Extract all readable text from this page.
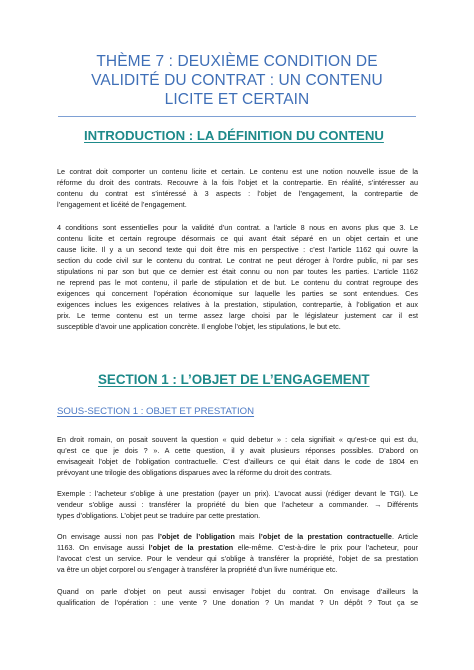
THÈME 7 : DEUXIÈME CONDITION DE
VALIDITÉ DU CONTRAT : UN CONTENU
LICITE ET CERTAIN
INTRODUCTION : LA DÉFINITION DU CONTENU
Le contrat doit comporter un contenu licite et certain. Le contenu est une notion nouvelle issue de la
réforme du droit des contrats. Recouvre à la fois l’objet et la contrepartie. En réalité, s’intéresser au
contenu du contrat est s’intéressé à 3 aspects : l’objet de l’engagement, la contrepartie de
l’engagement et licéité de l’engagement.
4 conditions sont essentielles pour la validité d’un contrat. a l’article 8 nous en avons plus que 3. Le
contenu licite et certain regroupe désormais ce qui avant était séparé en un objet certain et une
cause licite. Il y a un second texte qui doit être mis en perspective : c’est l’article 1162 qui ouvre la
section du code civil sur le contenu du contrat. Le contrat ne peut déroger à l’ordre public, ni par ses
stipulations ni par son but que ce dernier est était connu ou non par toutes les parties. L’article 1162
ne reprend pas le mot contenu, il parle de stipulation et de but. Le contenu du contrat regroupe des
exigences qui concernent l’opération économique sur laquelle les parties se sont entendues. Ces
exigences inclues les exigences relatives à la prestation, stipulation, contrepartie, à l’obligation et aux
prix. Le terme contenu est un terme assez large choisi par le législateur justement car il est
susceptible d’avoir une application concrète. Il englobe l’objet, les stipulations, le but etc.
SECTION 1 : L’OBJET DE L’ENGAGEMENT
SOUS-SECTION 1 : OBJET ET PRESTATION
En droit romain, on posait souvent la question « quid debetur » : cela signifiait « qu’est-ce qui est du,
qu’est ce que je dois ? ». A cette question, il y avait plusieurs réponses possibles. D’abord on
envisageait l’objet de l’obligation contractuelle. C’est d’ailleurs ce qui était dans le code de 1804 en
prévoyant une trilogie des obligations disparues avec la réforme du droit des contrats.
Exemple : l’acheteur s’oblige à une prestation (payer un prix). L’avocat aussi (rédiger devant le TGI). Le
vendeur s’oblige aussi : transférer la propriété du bien que l’acheteur a commander. → Différents
types d’obligations. L’objet peut se traduire par cette prestation.
On envisage aussi non pas l’objet de l’obligation mais l’objet de la prestation contractuelle. Article
1163. On envisage aussi l’objet de la prestation elle-même. C’est-à-dire le prix pour l’acheteur, pour
l’avocat c’est un service. Pour le vendeur qui s’oblige à transférer la propriété, l’objet de sa prestation
va être un objet corporel ou s’engager à transférer la propriété d’un livre numérique etc.
Quand on parle d’objet on peut aussi envisager l’objet du contrat. On envisage d’ailleurs la
qualification de l’opération : une vente ? Une donation ? Un mandat ? Un dépôt ? Tout ça se
